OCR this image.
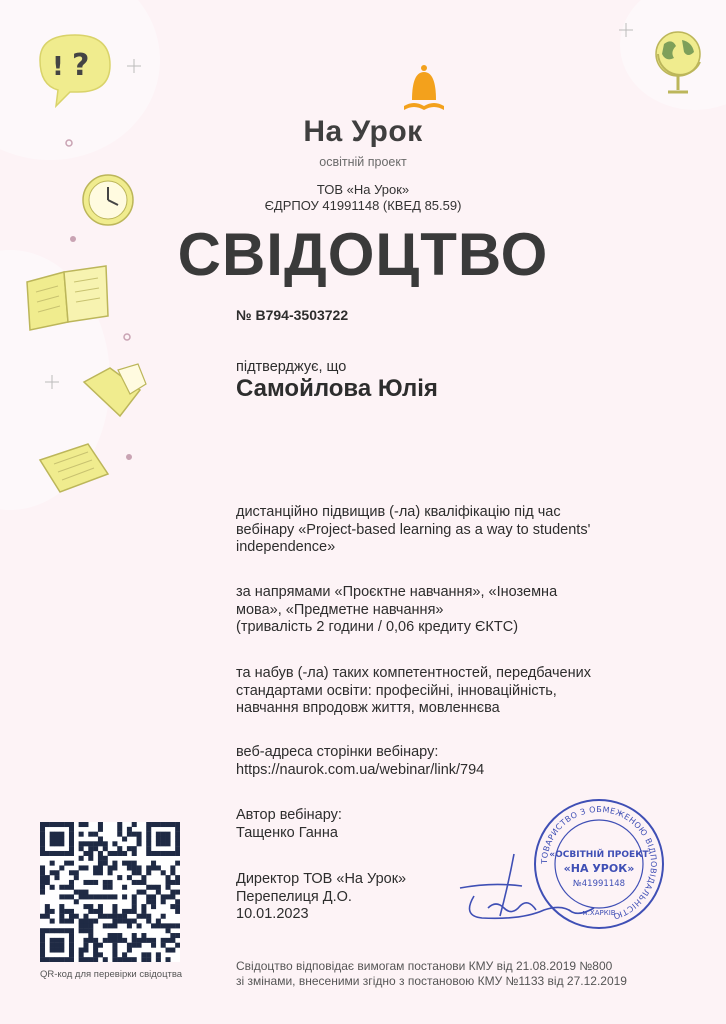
! ?
На Урок
освітній проект
ТОВ «На Урок»
ЄДРПОУ 41991148 (КВЕД 85.59)
СВІДОЦТВО
№ В794-3503722
підтверджує, що
Самойлова Юлія
дистанційно підвищив (-ла) кваліфікацію під час
вебінару «Project-based learning as a way to students'
independence»
за напрямами «Проєктне навчання», «Іноземна
мова», «Предметне навчання»
(тривалість 2 години / 0,06 кредиту ЄКТС)
та набув (-ла) таких компетентностей, передбачених
стандартами освіти: професійні, інноваційність,
навчання впродовж життя, мовленнєва
веб-адреса сторінки вебінару:
https://naurok.com.ua/webinar/link/794
Автор вебінару:
Тащенко Ганна
Директор ТОВ «На Урок»
Перепелиця Д.О.
10.01.2023
Свідоцтво відповідає вимогам постанови КМУ від 21.08.2019 №800
зі змінами, внесеними згідно з постановою КМУ №1133 від 27.12.2019
QR-код для перевірки свідоцтва
ТОВАРИСТВО З ОБМЕЖЕНОЮ ВІДПОВІДАЛЬНІСТЮ
«ОСВІТНІЙ ПРОЕКТ
«НА УРОК»
№41991148
м.ХАРКІВ
